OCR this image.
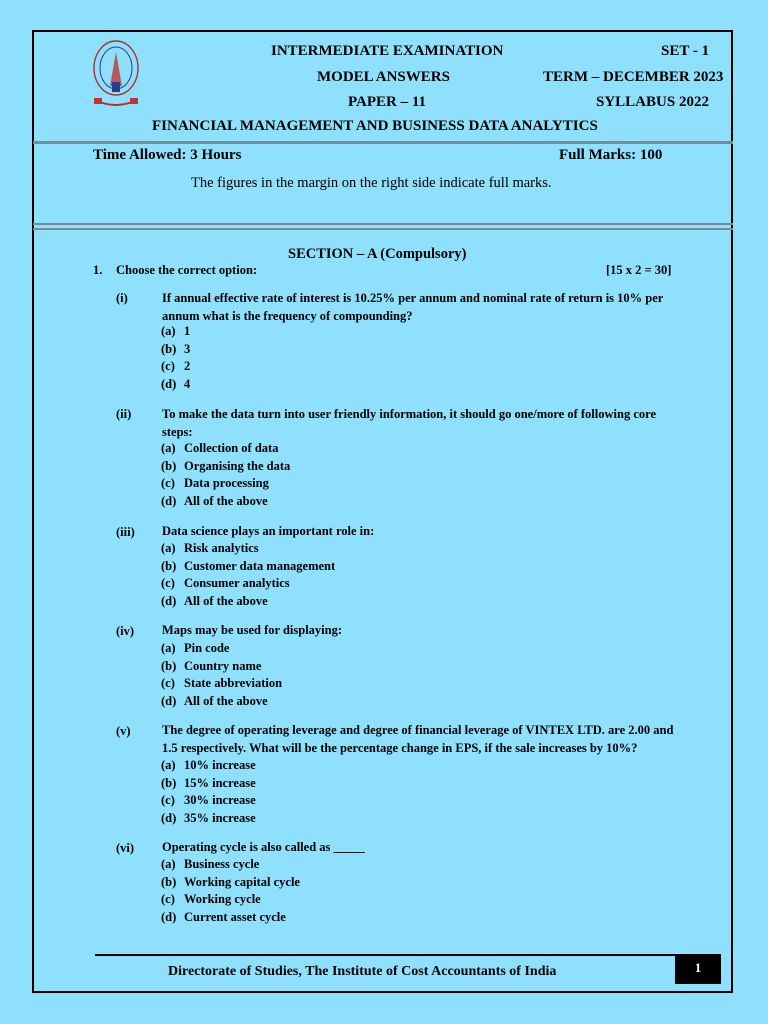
INTERMEDIATE EXAMINATION	SET - 1
MODEL ANSWERS	TERM – DECEMBER 2023
PAPER – 11	SYLLABUS 2022
FINANCIAL MANAGEMENT AND BUSINESS DATA ANALYTICS
Time Allowed: 3 Hours	Full Marks: 100
The figures in the margin on the right side indicate full marks.
SECTION – A (Compulsory)
1. Choose the correct option:	[15 x 2 = 30]
(i)	If annual effective rate of interest is 10.25% per annum and nominal rate of return is 10% per annum what is the frequency of compounding?
(a) 1
(b) 3
(c) 2
(d) 4
(ii) To make the data turn into user friendly information, it should go one/more of following core steps:
(a) Collection of data
(b) Organising the data
(c) Data processing
(d) All of the above
(iii) Data science plays an important role in:
(a) Risk analytics
(b) Customer data management
(c) Consumer analytics
(d) All of the above
(iv) Maps may be used for displaying:
(a) Pin code
(b) Country name
(c) State abbreviation
(d) All of the above
(v)	The degree of operating leverage and degree of financial leverage of VINTEX LTD. are 2.00 and 1.5 respectively. What will be the percentage change in EPS, if the sale increases by 10%?
(a) 10% increase
(b) 15% increase
(c) 30% increase
(d) 35% increase
(vi) Operating cycle is also called as _____
(a) Business cycle
(b) Working capital cycle
(c) Working cycle
(d) Current asset cycle
Directorate of Studies, The Institute of Cost Accountants of India	1
